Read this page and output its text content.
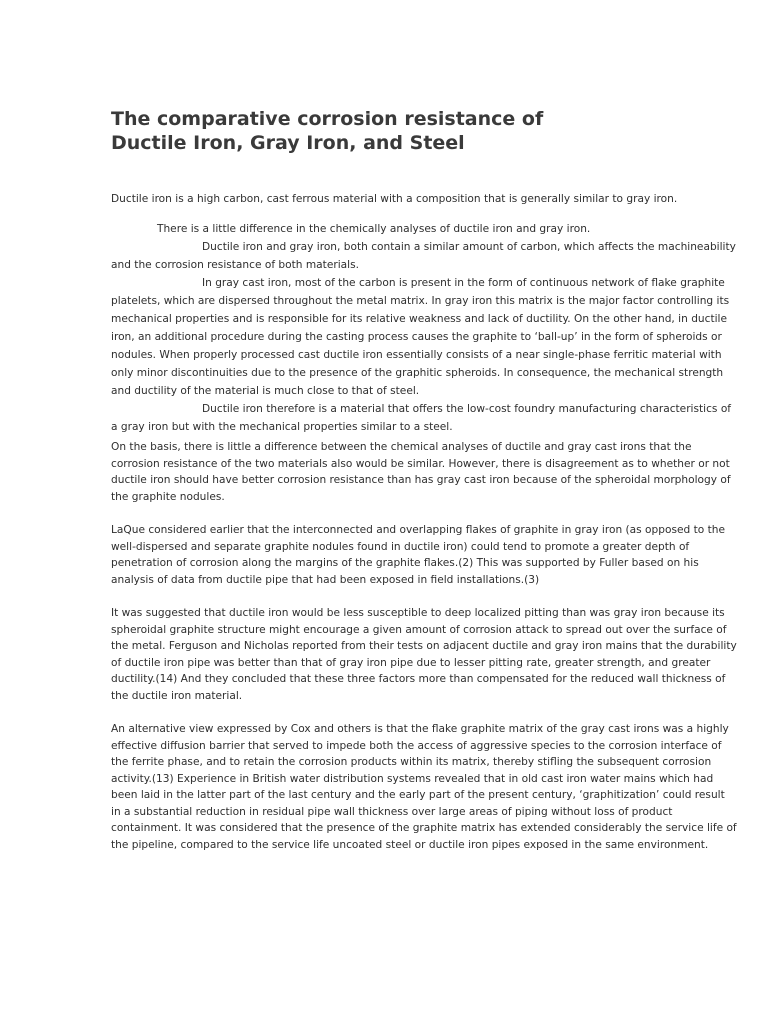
The comparative corrosion resistance of
Ductile Iron, Gray Iron, and Steel

Ductile iron is a high carbon, cast ferrous material with a composition that is generally similar to gray iron.

There is a little difference in the chemically analyses of ductile iron and gray iron.

Ductile iron and gray iron, both contain a similar amount of carbon, which affects the machineability and the corrosion resistance of both materials.

In gray cast iron, most of the carbon is present in the form of continuous network of flake graphite platelets, which are dispersed throughout the metal matrix. In gray iron this matrix is the major factor controlling its mechanical properties and is responsible for its relative weakness and lack of ductility. On the other hand, in ductile iron, an additional procedure during the casting process causes the graphite to ‘ball-up’ in the form of spheroids or nodules. When properly processed cast ductile iron essentially consists of a near single-phase ferritic material with only minor discontinuities due to the presence of the graphitic spheroids. In consequence, the mechanical strength and ductility of the material is much close to that of steel.

Ductile iron therefore is a material that offers the low-cost foundry manufacturing characteristics of a gray iron but with the mechanical properties similar to a steel.

On the basis, there is little a difference between the chemical analyses of ductile and gray cast irons that the corrosion resistance of the two materials also would be similar. However, there is disagreement as to whether or not ductile iron should have better corrosion resistance than has gray cast iron because of the spheroidal morphology of the graphite nodules.

LaQue considered earlier that the interconnected and overlapping flakes of graphite in gray iron (as opposed to the well-dispersed and separate graphite nodules found in ductile iron) could tend to promote a greater depth of penetration of corrosion along the margins of the graphite flakes.(2) This was supported by Fuller based on his analysis of data from ductile pipe that had been exposed in field installations.(3)

It was suggested that ductile iron would be less susceptible to deep localized pitting than was gray iron because its spheroidal graphite structure might encourage a given amount of corrosion attack to spread out over the surface of the metal. Ferguson and Nicholas reported from their tests on adjacent ductile and gray iron mains that the durability of ductile iron pipe was better than that of gray iron pipe due to lesser pitting rate, greater strength, and greater ductility.(14) And they concluded that these three factors more than compensated for the reduced wall thickness of the ductile iron material.

An alternative view expressed by Cox and others is that the flake graphite matrix of the gray cast irons was a highly effective diffusion barrier that served to impede both the access of aggressive species to the corrosion interface of the ferrite phase, and to retain the corrosion products within its matrix, thereby stifling the subsequent corrosion activity.(13) Experience in British water distribution systems revealed that in old cast iron water mains which had been laid in the latter part of the last century and the early part of the present century, ‘graphitization’ could result in a substantial reduction in residual pipe wall thickness over large areas of piping without loss of product containment. It was considered that the presence of the graphite matrix has extended considerably the service life of the pipeline, compared to the service life uncoated steel or ductile iron pipes exposed in the same environment.
